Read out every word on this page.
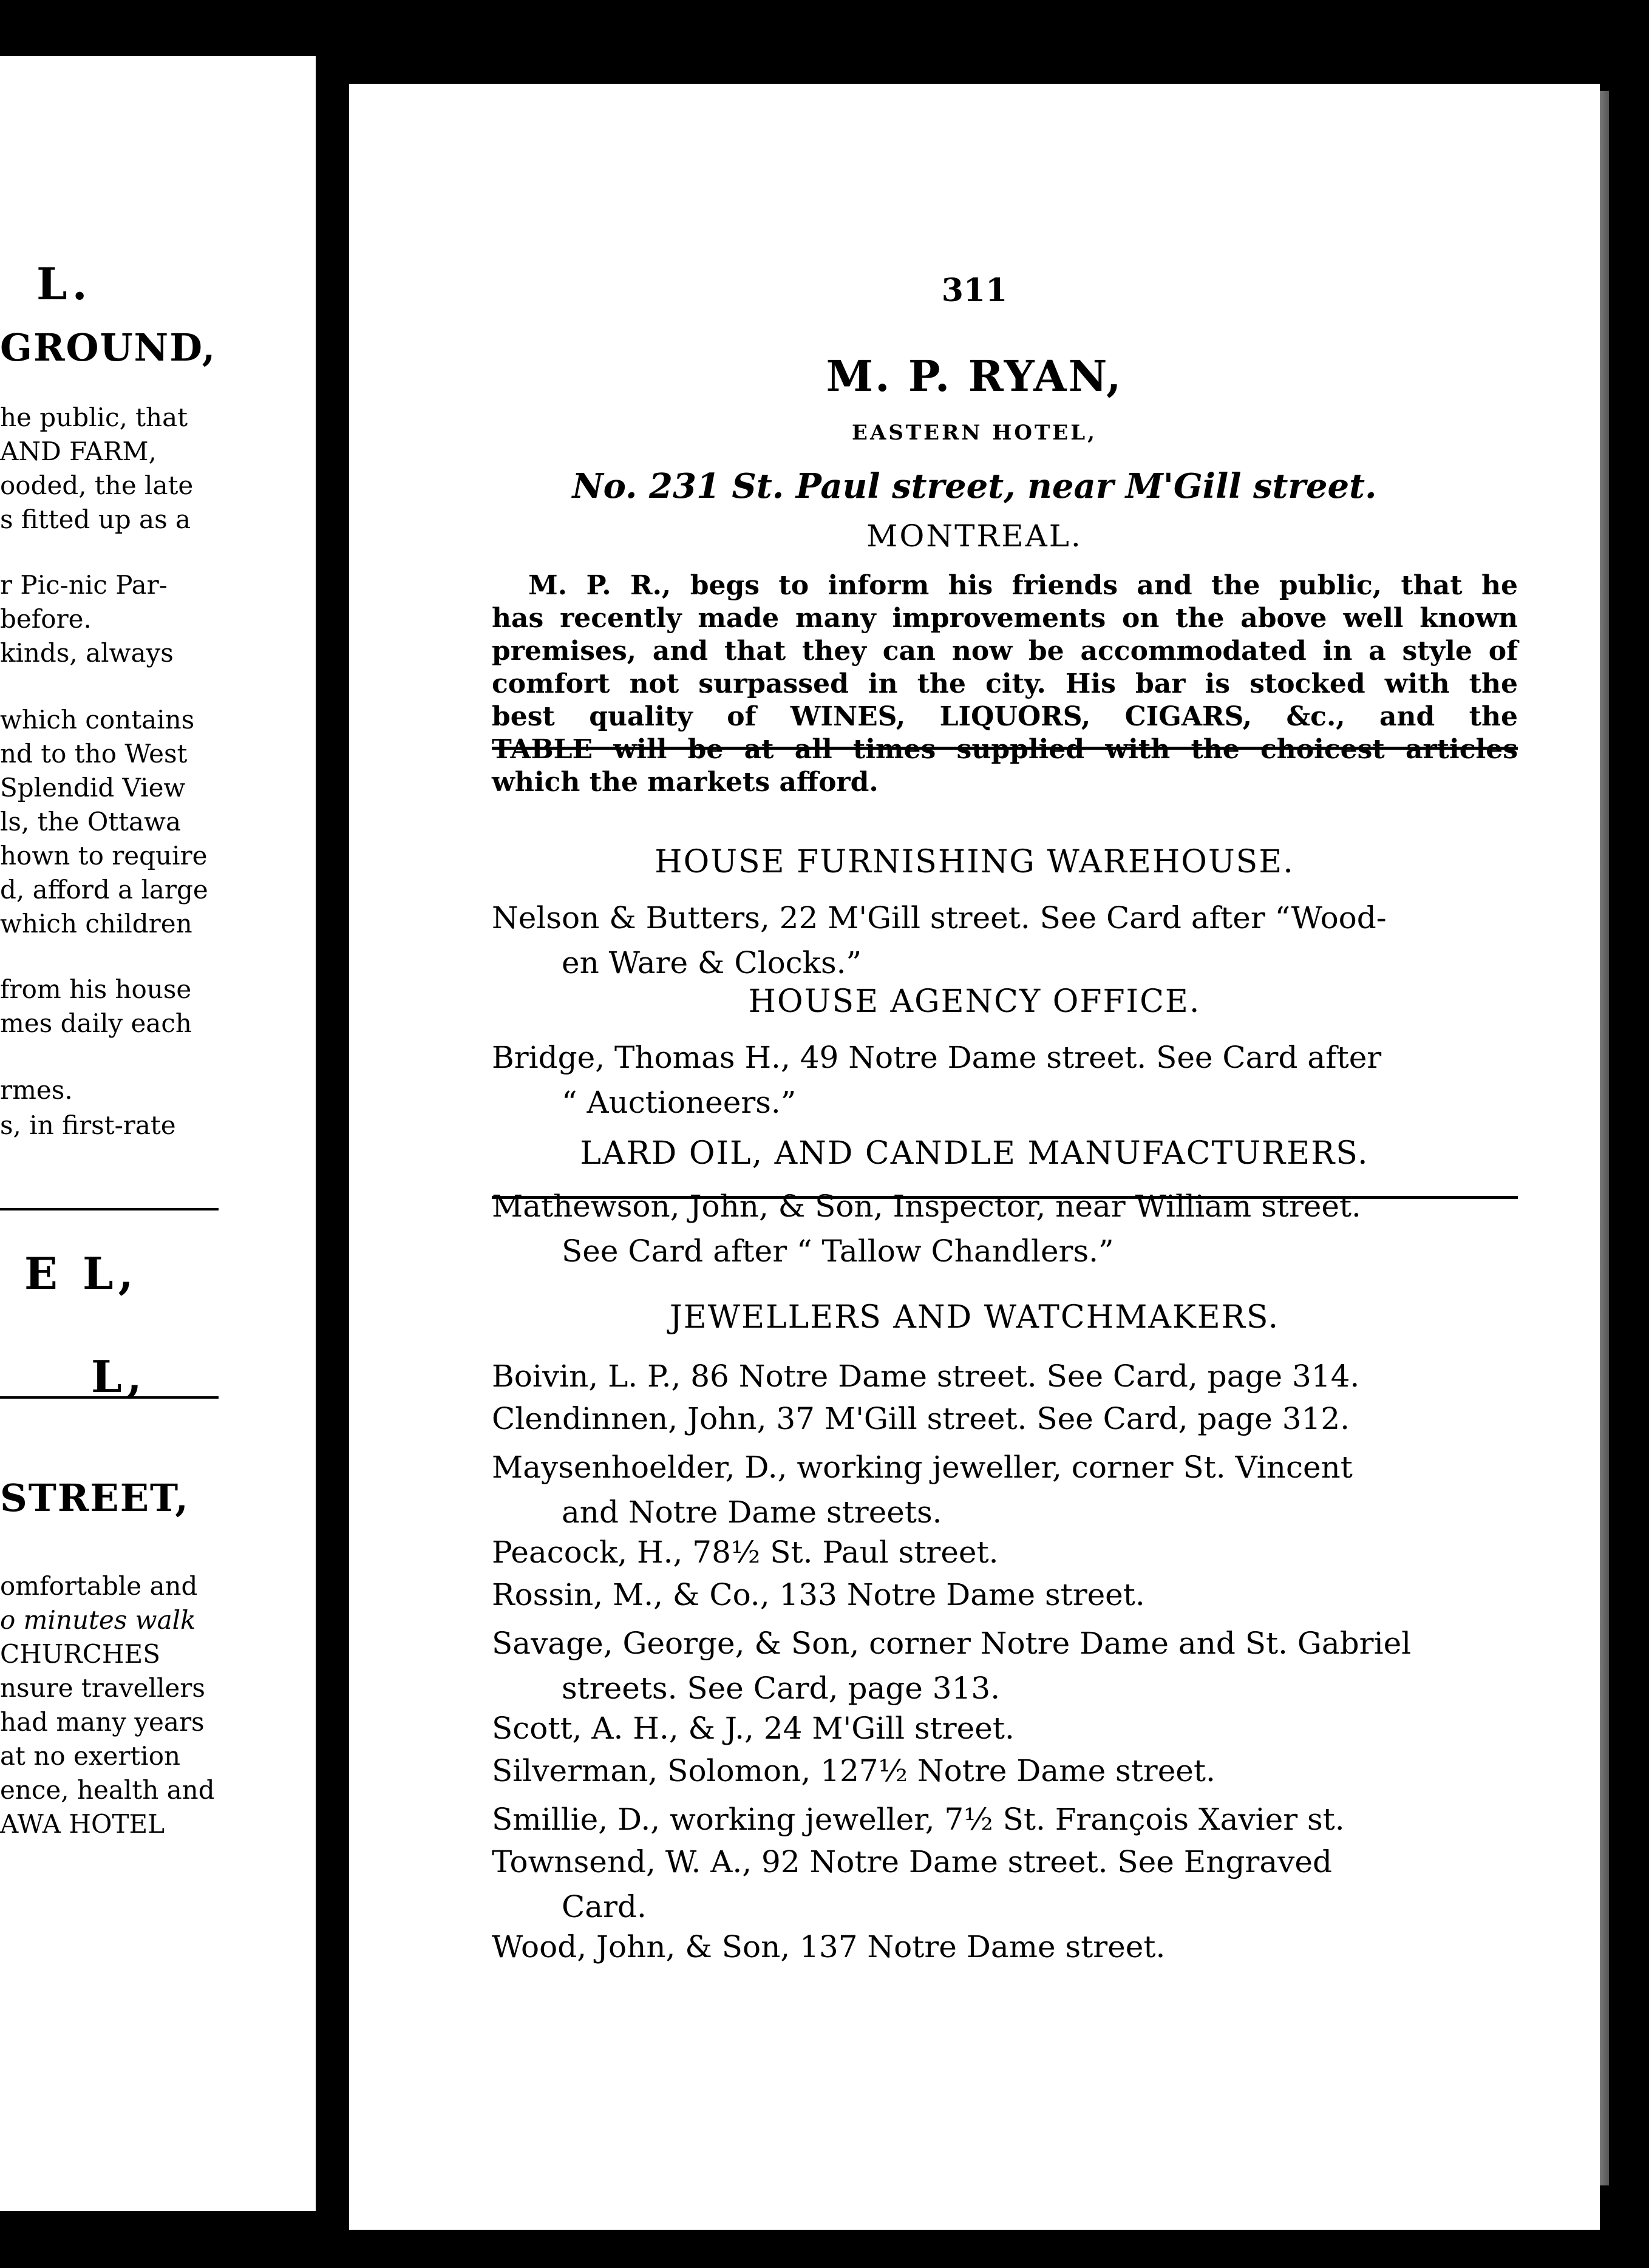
L.
GROUND,
he public, that
AND FARM,
ooded, the late
s fitted up as a
r Pic-nic Par-
before.
kinds, always
which contains
nd to tho West
Splendid View
ls, the Ottawa
hown to require
d, afford a large
which children
from his house
mes daily each
rmes.
s, in first-rate
E L,
L,
STREET,
omfortable and
o minutes walk
CHURCHES
nsure travellers
had many years
at no exertion
ence, health and
AWA HOTEL
311
M. P. RYAN,
EASTERN HOTEL,
No. 231 St. Paul street, near M'Gill street.
MONTREAL.
M. P. R., begs to inform his friends and the public, that he
has recently made many improvements on the above well known
premises, and that they can now be accommodated in a style of
comfort not surpassed in the city. His bar is stocked with the
best quality of WINES, LIQUORS, CIGARS, &c., and the
TABLE will be at all times supplied with the choicest articles
which the markets afford.
HOUSE FURNISHING WAREHOUSE.
Nelson & Butters, 22 M'Gill street. See Card after “Wood-
en Ware & Clocks.”
HOUSE AGENCY OFFICE.
Bridge, Thomas H., 49 Notre Dame street. See Card after
“ Auctioneers.”
LARD OIL, AND CANDLE MANUFACTURERS.
Mathewson, John, & Son, Inspector, near William street.
See Card after “ Tallow Chandlers.”
JEWELLERS AND WATCHMAKERS.
Boivin, L. P., 86 Notre Dame street. See Card, page 314.
Clendinnen, John, 37 M'Gill street. See Card, page 312.
Maysenhoelder, D., working jeweller, corner St. Vincent
and Notre Dame streets.
Peacock, H., 78½ St. Paul street.
Rossin, M., & Co., 133 Notre Dame street.
Savage, George, & Son, corner Notre Dame and St. Gabriel
streets. See Card, page 313.
Scott, A. H., & J., 24 M'Gill street.
Silverman, Solomon, 127½ Notre Dame street.
Smillie, D., working jeweller, 7½ St. François Xavier st.
Townsend, W. A., 92 Notre Dame street. See Engraved
Card.
Wood, John, & Son, 137 Notre Dame street.
